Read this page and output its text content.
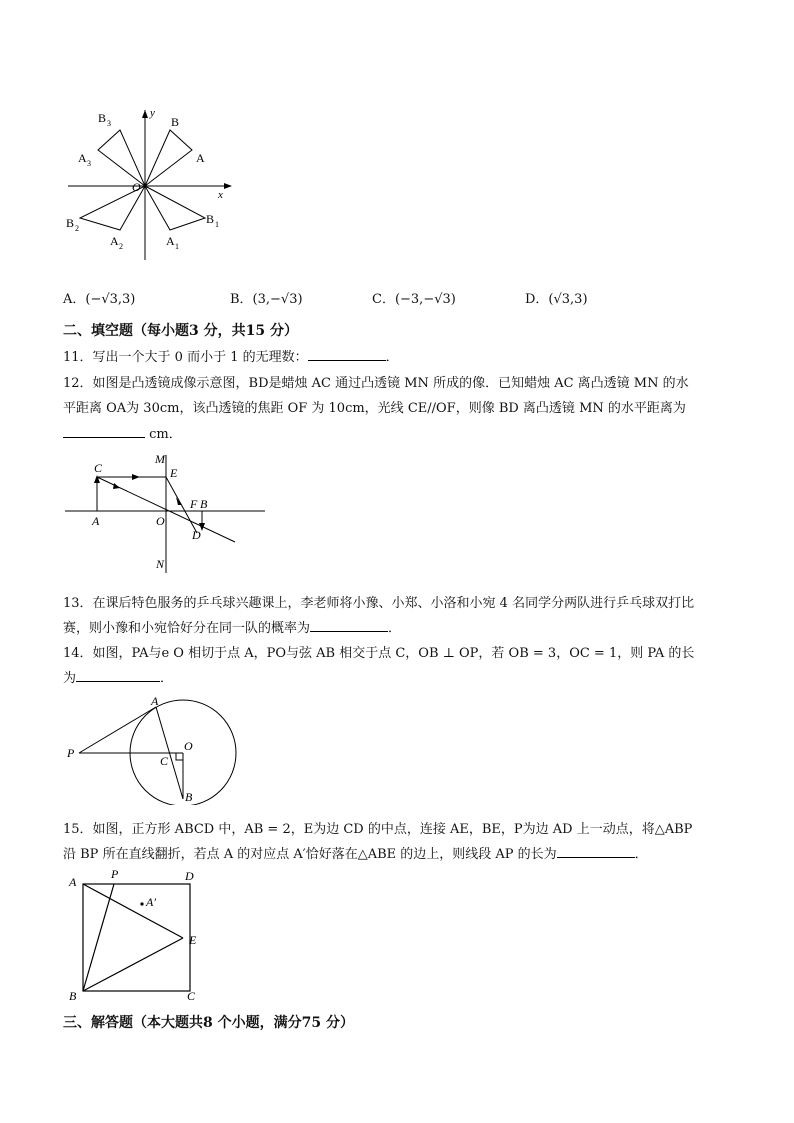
y
x
O
B
A
B 3
A 3
B 2
A 2
B 1
A 1
A．(−√3,3)	B．(3,−√3)	C．(−3,−√3)	D．(√3,3)
二、填空题（每小题3 分，共15 分）
11．写出一个大于 0 而小于 1 的无理数：	．
12．如图是凸透镜成像示意图，BD是蜡烛 AC 通过凸透镜 MN 所成的像．已知蜡烛 AC 离凸透镜 MN 的水
平距离 OA为 30cm，该凸透镜的焦距 OF 为 10cm，光线 CE//OF，则像 BD 离凸透镜 MN 的水平距离为
cm．
C
M
E
F B
A	O
D
N
13．在课后特色服务的乒乓球兴趣课上，李老师将小豫、小郑、小洛和小宛 4 名同学分两队进行乒乓球双打比
赛，则小豫和小宛恰好分在同一队的概率为	．
14．如图，PA与e O 相切于点 A，PO与弦 AB 相交于点 C，OB ⊥ OP，若 OB = 3，OC = 1，则 PA 的长
为	．
A
P	O
C
B
15．如图，正方形 ABCD 中，AB = 2，E为边 CD 的中点，连接 AE，BE，P为边 AD 上一动点，将△ABP
沿 BP 所在直线翻折，若点 A 的对应点 A′恰好落在△ABE 的边上，则线段 AP 的长为	．
A
P	D
A′
E
B	C
三、解答题（本大题共8 个小题，满分75 分）
